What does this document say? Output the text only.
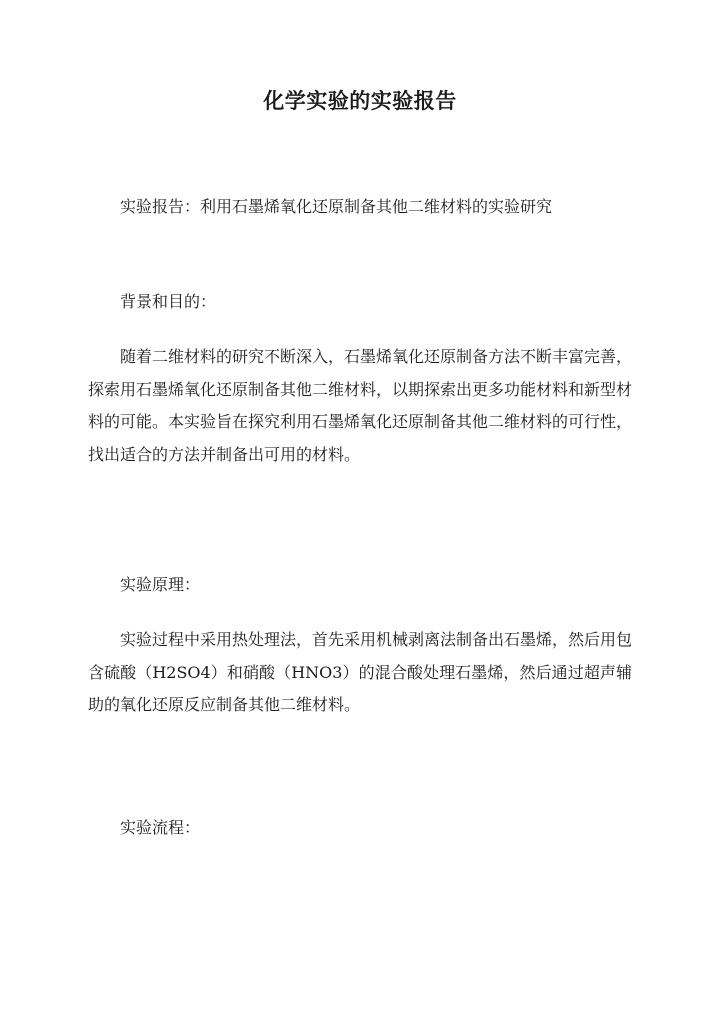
化学实验的实验报告

实验报告：利用石墨烯氧化还原制备其他二维材料的实验研究

背景和目的：

随着二维材料的研究不断深入，石墨烯氧化还原制备方法不断丰富完善，探索用石墨烯氧化还原制备其他二维材料，以期探索出更多功能材料和新型材料的可能。本实验旨在探究利用石墨烯氧化还原制备其他二维材料的可行性，找出适合的方法并制备出可用的材料。

实验原理：

实验过程中采用热处理法，首先采用机械剥离法制备出石墨烯，然后用包含硫酸（H2SO4）和硝酸（HNO3）的混合酸处理石墨烯，然后通过超声辅助的氧化还原反应制备其他二维材料。

实验流程：
